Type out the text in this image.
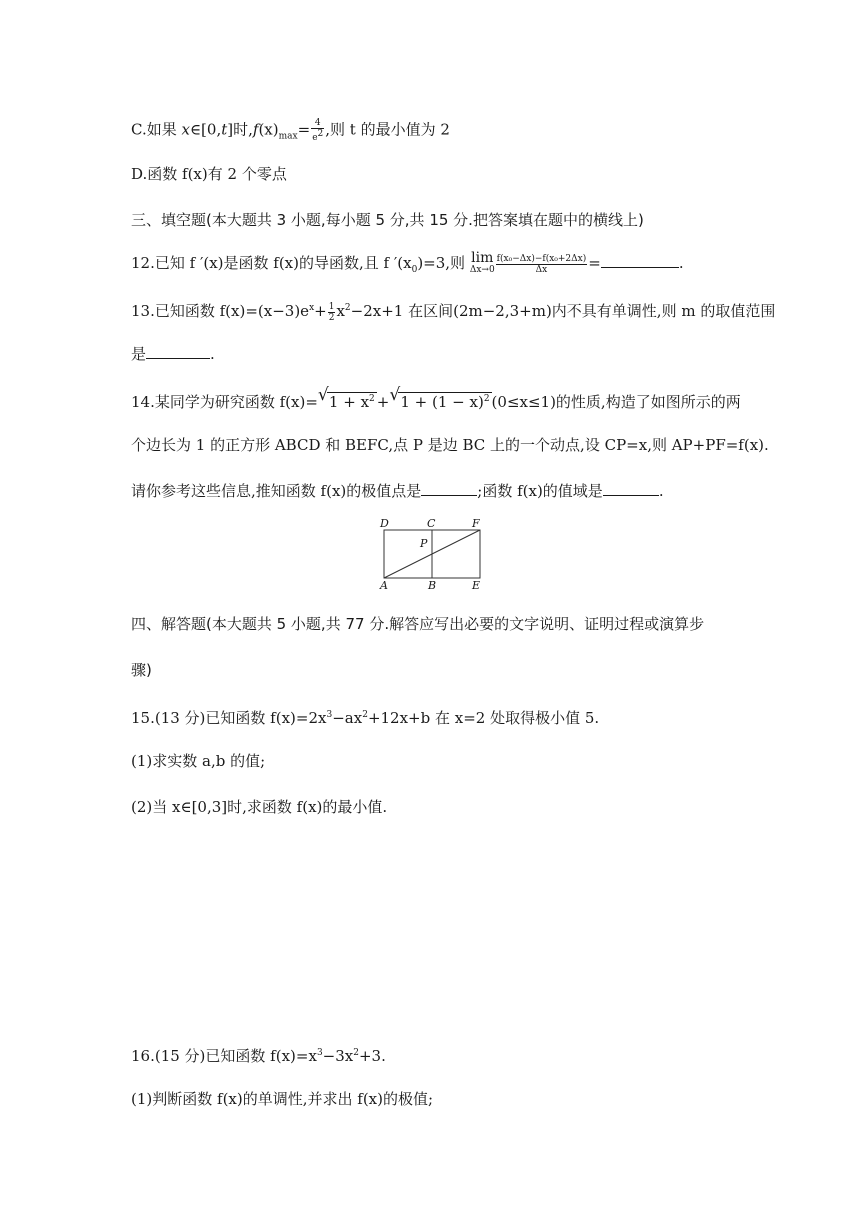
C.如果 x∈[0,t]时$,f(x)_{max}= \frac{4}{e^2}$ ,则 t 的最小值为 2
D.函数 f(x)有 2 个零点
三、填空题(本大题共 3 小题,每小题 5 分,共 15 分.把答案填在题中的横线上)
12.已知 f ′(x)是函数 f(x)的导函数,且 f $'(x_0)=3$,则 lim
$\Delta x\to 0 \frac{\text{f(x₀−Δx)−f(x₀+2Δx)}}{\Delta x}$ =	.
13.已知函数 $f(x)=(x-3)e^x+ \frac{1}{2} x^2-2x+1$ 在区间(2m−2,3+m)内不具有单调性,则 m 的取值范围
是	.
14.某同学为研究函数 f(x)= √ $1 + x^2$ + √ $1 + (1 - x)^2$ (0≤x≤1)的性质,构造了如图所示的两
个边长为 1 的正方形 ABCD 和 BEFC,点 P 是边 BC 上的一个动点,设 CP=x,则 AP+PF=f(x).
请你参考这些信息,推知函数 f(x)的极值点是	;函数 f(x)的值域是	.
D	C	F
P
A	B	E
四、解答题(本大题共 5 小题,共 77 分.解答应写出必要的文字说明、证明过程或演算步
骤)
15.(13 分)已知函数 $f(x)=2x^3-ax^2+12x+b$ 在 x=2 处取得极小值 5.
(1)求实数 a,b 的值;
(2)当 x∈[0,3]时,求函数 f(x)的最小值.
16.(15 分)已知函数 $f(x)=x^3-3x^2+3$.
(1)判断函数 f(x)的单调性,并求出 f(x)的极值;
